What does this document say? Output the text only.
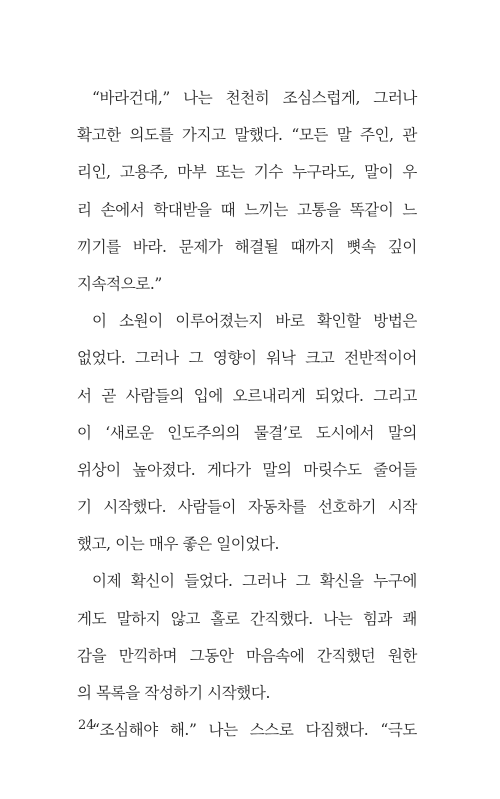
“바라건대,” 나는 천천히 조심스럽게, 그러나
확고한 의도를 가지고 말했다. “모든 말 주인, 관
리인, 고용주, 마부 또는 기수 누구라도, 말이 우
리 손에서 학대받을 때 느끼는 고통을 똑같이 느
끼기를 바라. 문제가 해결될 때까지 뼛속 깊이
지속적으로.”
이 소원이 이루어졌는지 바로 확인할 방법은
없었다. 그러나 그 영향이 워낙 크고 전반적이어
서 곧 사람들의 입에 오르내리게 되었다. 그리고
이 ‘새로운 인도주의의 물결’로 도시에서 말의
위상이 높아졌다. 게다가 말의 마릿수도 줄어들
기 시작했다. 사람들이 자동차를 선호하기 시작
했고, 이는 매우 좋은 일이었다.
이제 확신이 들었다. 그러나 그 확신을 누구에
게도 말하지 않고 홀로 간직했다. 나는 힘과 쾌
감을 만끽하며 그동안 마음속에 간직했던 원한
의 목록을 작성하기 시작했다.
“조심해야 해.” 나는 스스로 다짐했다. “극도
24
